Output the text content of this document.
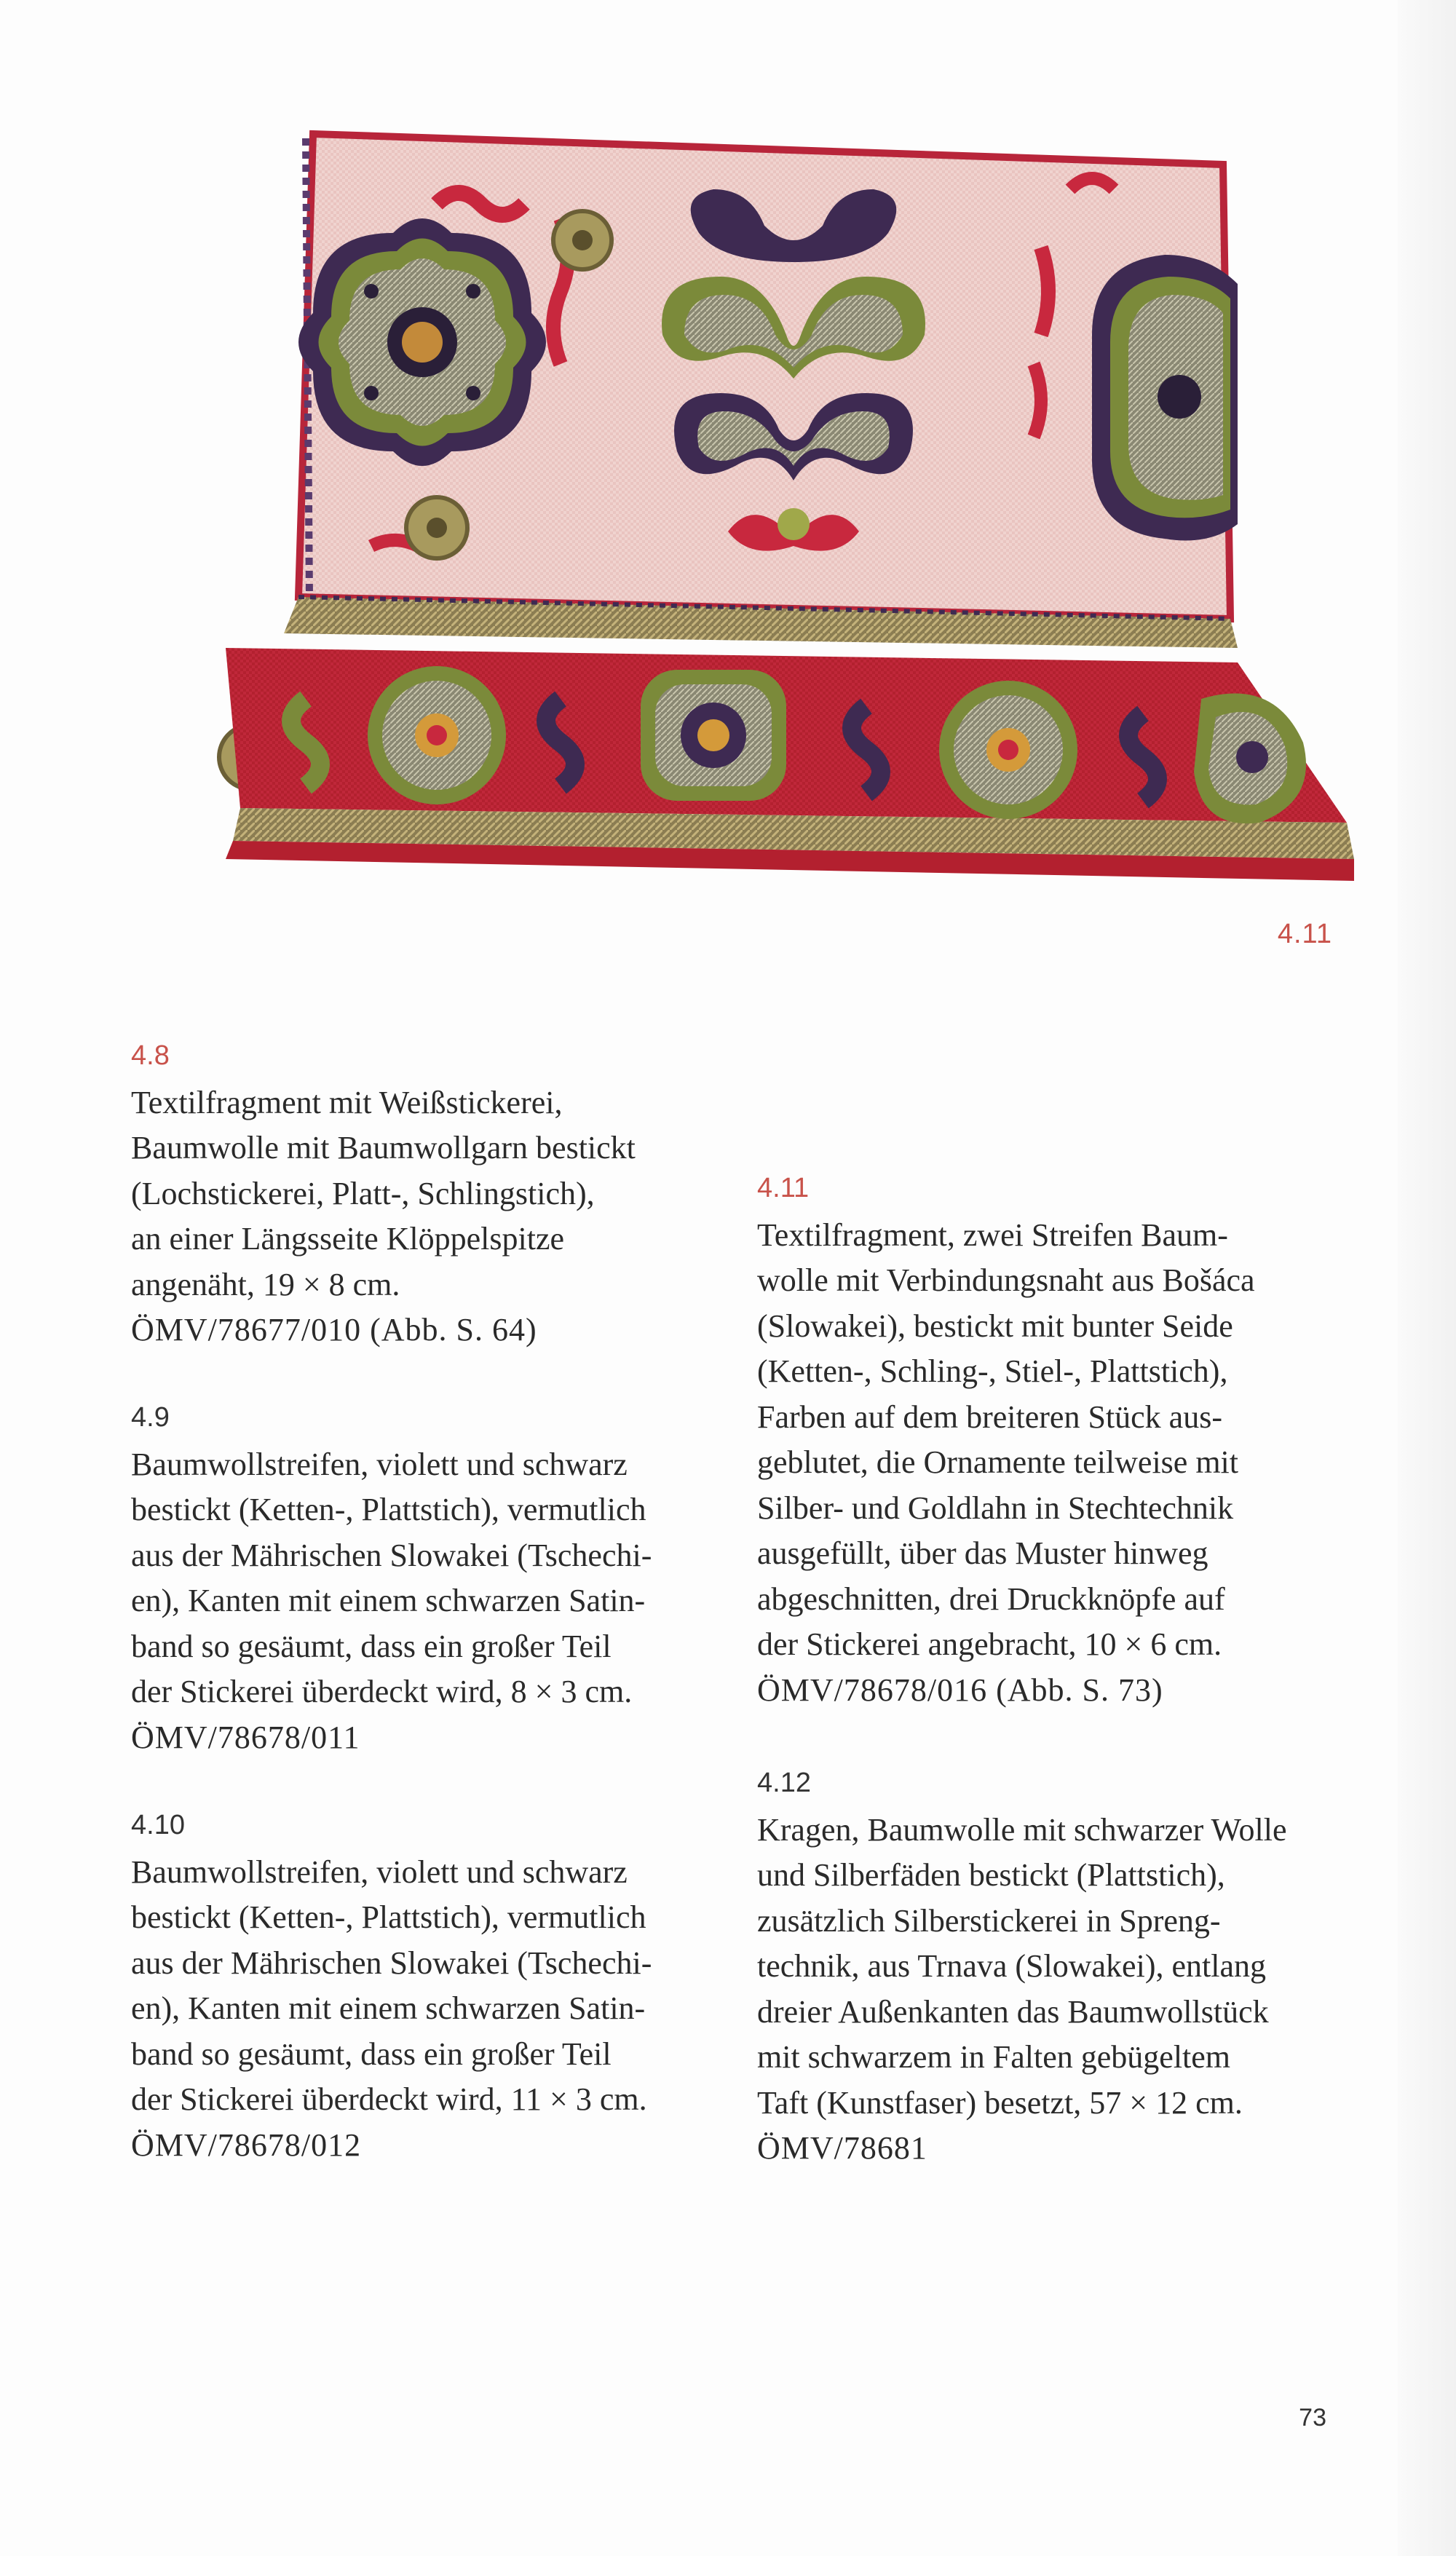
4.11
4.8
Textilfragment mit Weißstickerei,
Baumwolle mit Baumwollgarn bestickt
(Lochstickerei, Platt-, Schlingstich),
an einer Längsseite Klöppelspitze
angenäht, 19 × 8 cm.
ÖMV/78677/010 (Abb. S. 64)
4.9
Baumwollstreifen, violett und schwarz
bestickt (Ketten-, Plattstich), vermutlich
aus der Mährischen Slowakei (Tschechi-
en), Kanten mit einem schwarzen Satin-
band so gesäumt, dass ein großer Teil
der Stickerei überdeckt wird, 8 × 3 cm.
ÖMV/78678/011
4.10
Baumwollstreifen, violett und schwarz
bestickt (Ketten-, Plattstich), vermutlich
aus der Mährischen Slowakei (Tschechi-
en), Kanten mit einem schwarzen Satin-
band so gesäumt, dass ein großer Teil
der Stickerei überdeckt wird, 11 × 3 cm.
ÖMV/78678/012
4.11
Textilfragment, zwei Streifen Baum-
wolle mit Verbindungsnaht aus Bošáca
(Slowakei), bestickt mit bunter Seide
(Ketten-, Schling-, Stiel-, Plattstich),
Farben auf dem breiteren Stück aus-
geblutet, die Ornamente teilweise mit
Silber- und Goldlahn in Stechtechnik
ausgefüllt, über das Muster hinweg
abgeschnitten, drei Druckknöpfe auf
der Stickerei angebracht, 10 × 6 cm.
ÖMV/78678/016 (Abb. S. 73)
4.12
Kragen, Baumwolle mit schwarzer Wolle
und Silberfäden bestickt (Plattstich),
zusätzlich Silberstickerei in Spreng-
technik, aus Trnava (Slowakei), entlang
dreier Außenkanten das Baumwollstück
mit schwarzem in Falten gebügeltem
Taft (Kunstfaser) besetzt, 57 × 12 cm.
ÖMV/78681
73
